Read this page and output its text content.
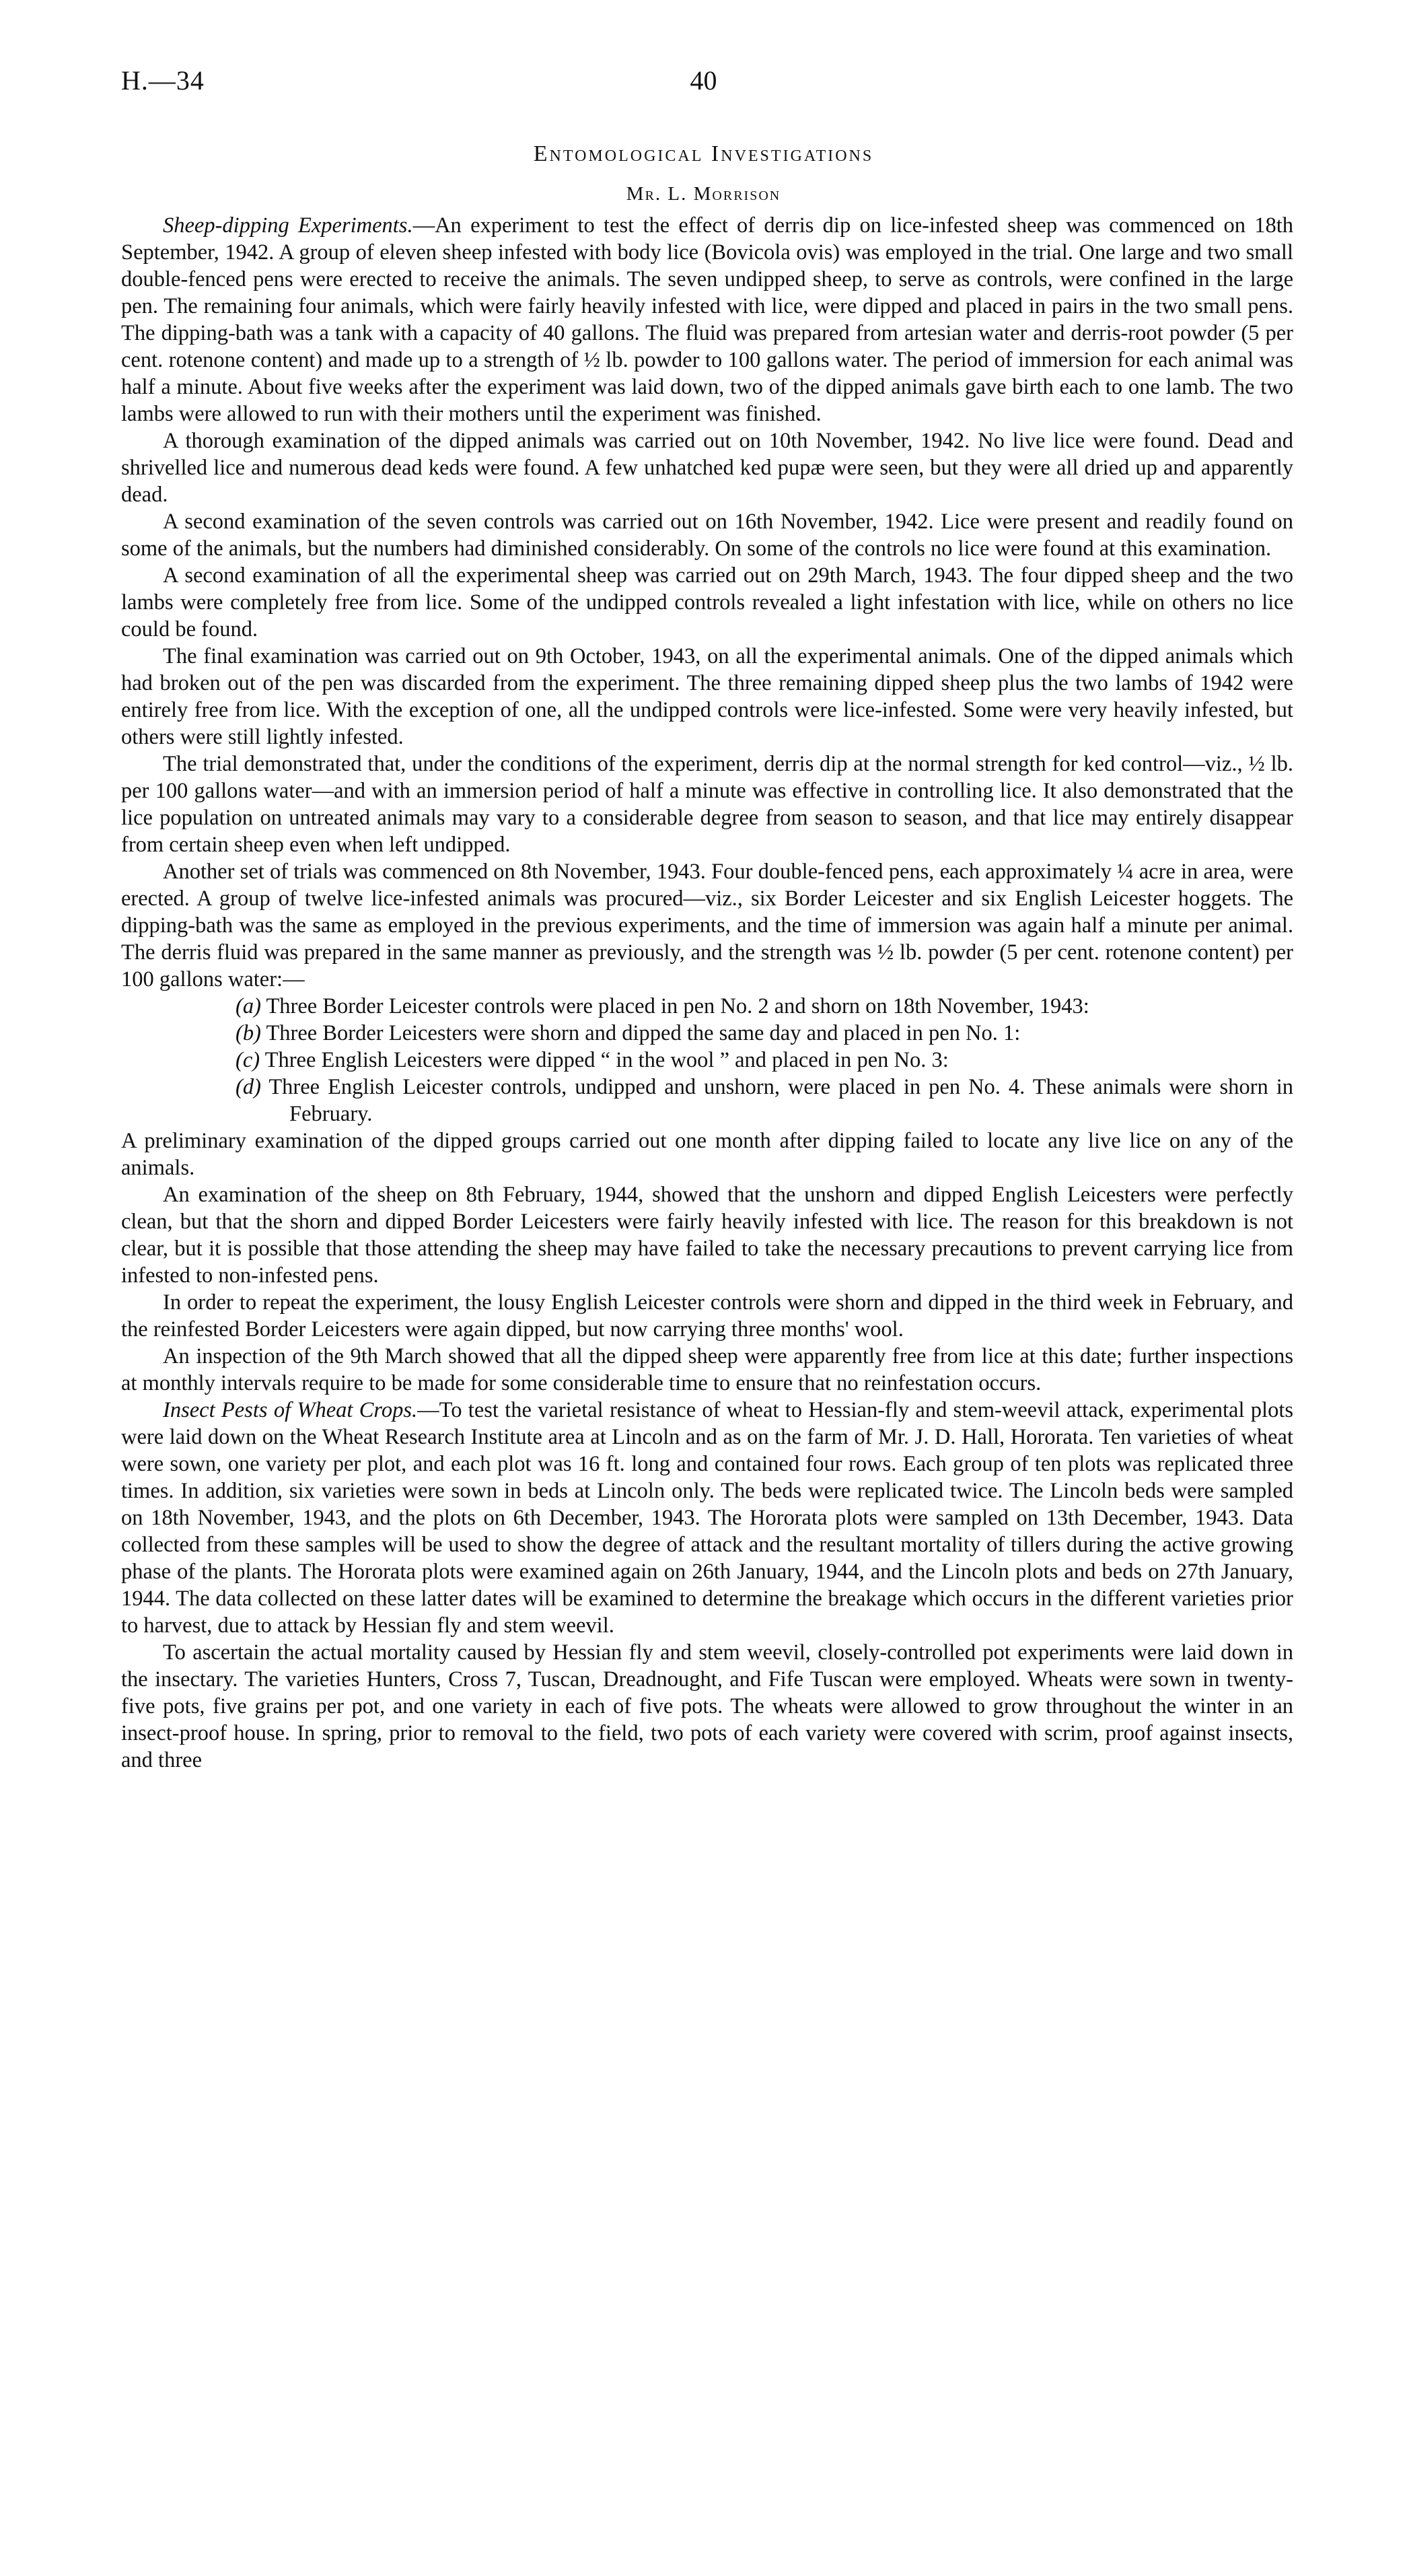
H.—34	40
Entomological Investigations
Mr. L. Morrison

Sheep-dipping Experiments.—An experiment to test the effect of derris dip on lice-infested sheep was commenced on 18th September, 1942. A group of eleven sheep infested with body lice (Bovicola ovis) was employed in the trial. One large and two small double-fenced pens were erected to receive the animals. The seven undipped sheep, to serve as controls, were confined in the large pen. The remaining four animals, which were fairly heavily infested with lice, were dipped and placed in pairs in the two small pens. The dipping-bath was a tank with a capacity of 40 gallons. The fluid was prepared from artesian water and derris-root powder (5 per cent. rotenone content) and made up to a strength of ½ lb. powder to 100 gallons water. The period of immersion for each animal was half a minute. About five weeks after the experiment was laid down, two of the dipped animals gave birth each to one lamb. The two lambs were allowed to run with their mothers until the experiment was finished.

A thorough examination of the dipped animals was carried out on 10th November, 1942. No live lice were found. Dead and shrivelled lice and numerous dead keds were found. A few unhatched ked pupæ were seen, but they were all dried up and apparently dead.

A second examination of the seven controls was carried out on 16th November, 1942. Lice were present and readily found on some of the animals, but the numbers had diminished considerably. On some of the controls no lice were found at this examination.

A second examination of all the experimental sheep was carried out on 29th March, 1943. The four dipped sheep and the two lambs were completely free from lice. Some of the undipped controls revealed a light infestation with lice, while on others no lice could be found.

The final examination was carried out on 9th October, 1943, on all the experimental animals. One of the dipped animals which had broken out of the pen was discarded from the experiment. The three remaining dipped sheep plus the two lambs of 1942 were entirely free from lice. With the exception of one, all the undipped controls were lice-infested. Some were very heavily infested, but others were still lightly infested.

The trial demonstrated that, under the conditions of the experiment, derris dip at the normal strength for ked control—viz., ½ lb. per 100 gallons water—and with an immersion period of half a minute was effective in controlling lice. It also demonstrated that the lice population on untreated animals may vary to a considerable degree from season to season, and that lice may entirely disappear from certain sheep even when left undipped.

Another set of trials was commenced on 8th November, 1943. Four double-fenced pens, each approximately ¼ acre in area, were erected. A group of twelve lice-infested animals was procured—viz., six Border Leicester and six English Leicester hoggets. The dipping-bath was the same as employed in the previous experiments, and the time of immersion was again half a minute per animal. The derris fluid was prepared in the same manner as previously, and the strength was ½ lb. powder (5 per cent. rotenone content) per 100 gallons water:—

(a) Three Border Leicester controls were placed in pen No. 2 and shorn on 18th November, 1943:
(b) Three Border Leicesters were shorn and dipped the same day and placed in pen No. 1:
(c) Three English Leicesters were dipped “ in the wool ” and placed in pen No. 3:
(d) Three English Leicester controls, undipped and unshorn, were placed in pen No. 4. These animals were shorn in February.

A preliminary examination of the dipped groups carried out one month after dipping failed to locate any live lice on any of the animals.

An examination of the sheep on 8th February, 1944, showed that the unshorn and dipped English Leicesters were perfectly clean, but that the shorn and dipped Border Leicesters were fairly heavily infested with lice. The reason for this breakdown is not clear, but it is possible that those attending the sheep may have failed to take the necessary precautions to prevent carrying lice from infested to non-infested pens.

In order to repeat the experiment, the lousy English Leicester controls were shorn and dipped in the third week in February, and the reinfested Border Leicesters were again dipped, but now carrying three months' wool.

An inspection of the 9th March showed that all the dipped sheep were apparently free from lice at this date; further inspections at monthly intervals require to be made for some considerable time to ensure that no reinfestation occurs.

Insect Pests of Wheat Crops.—To test the varietal resistance of wheat to Hessian-fly and stem-weevil attack, experimental plots were laid down on the Wheat Research Institute area at Lincoln and as on the farm of Mr. J. D. Hall, Hororata. Ten varieties of wheat were sown, one variety per plot, and each plot was 16 ft. long and contained four rows. Each group of ten plots was replicated three times. In addition, six varieties were sown in beds at Lincoln only. The beds were replicated twice. The Lincoln beds were sampled on 18th November, 1943, and the plots on 6th December, 1943. The Hororata plots were sampled on 13th December, 1943. Data collected from these samples will be used to show the degree of attack and the resultant mortality of tillers during the active growing phase of the plants. The Hororata plots were examined again on 26th January, 1944, and the Lincoln plots and beds on 27th January, 1944. The data collected on these latter dates will be examined to determine the breakage which occurs in the different varieties prior to harvest, due to attack by Hessian fly and stem weevil.

To ascertain the actual mortality caused by Hessian fly and stem weevil, closely-controlled pot experiments were laid down in the insectary. The varieties Hunters, Cross 7, Tuscan, Dreadnought, and Fife Tuscan were employed. Wheats were sown in twenty-five pots, five grains per pot, and one variety in each of five pots. The wheats were allowed to grow throughout the winter in an insect-proof house. In spring, prior to removal to the field, two pots of each variety were covered with scrim, proof against insects, and three
